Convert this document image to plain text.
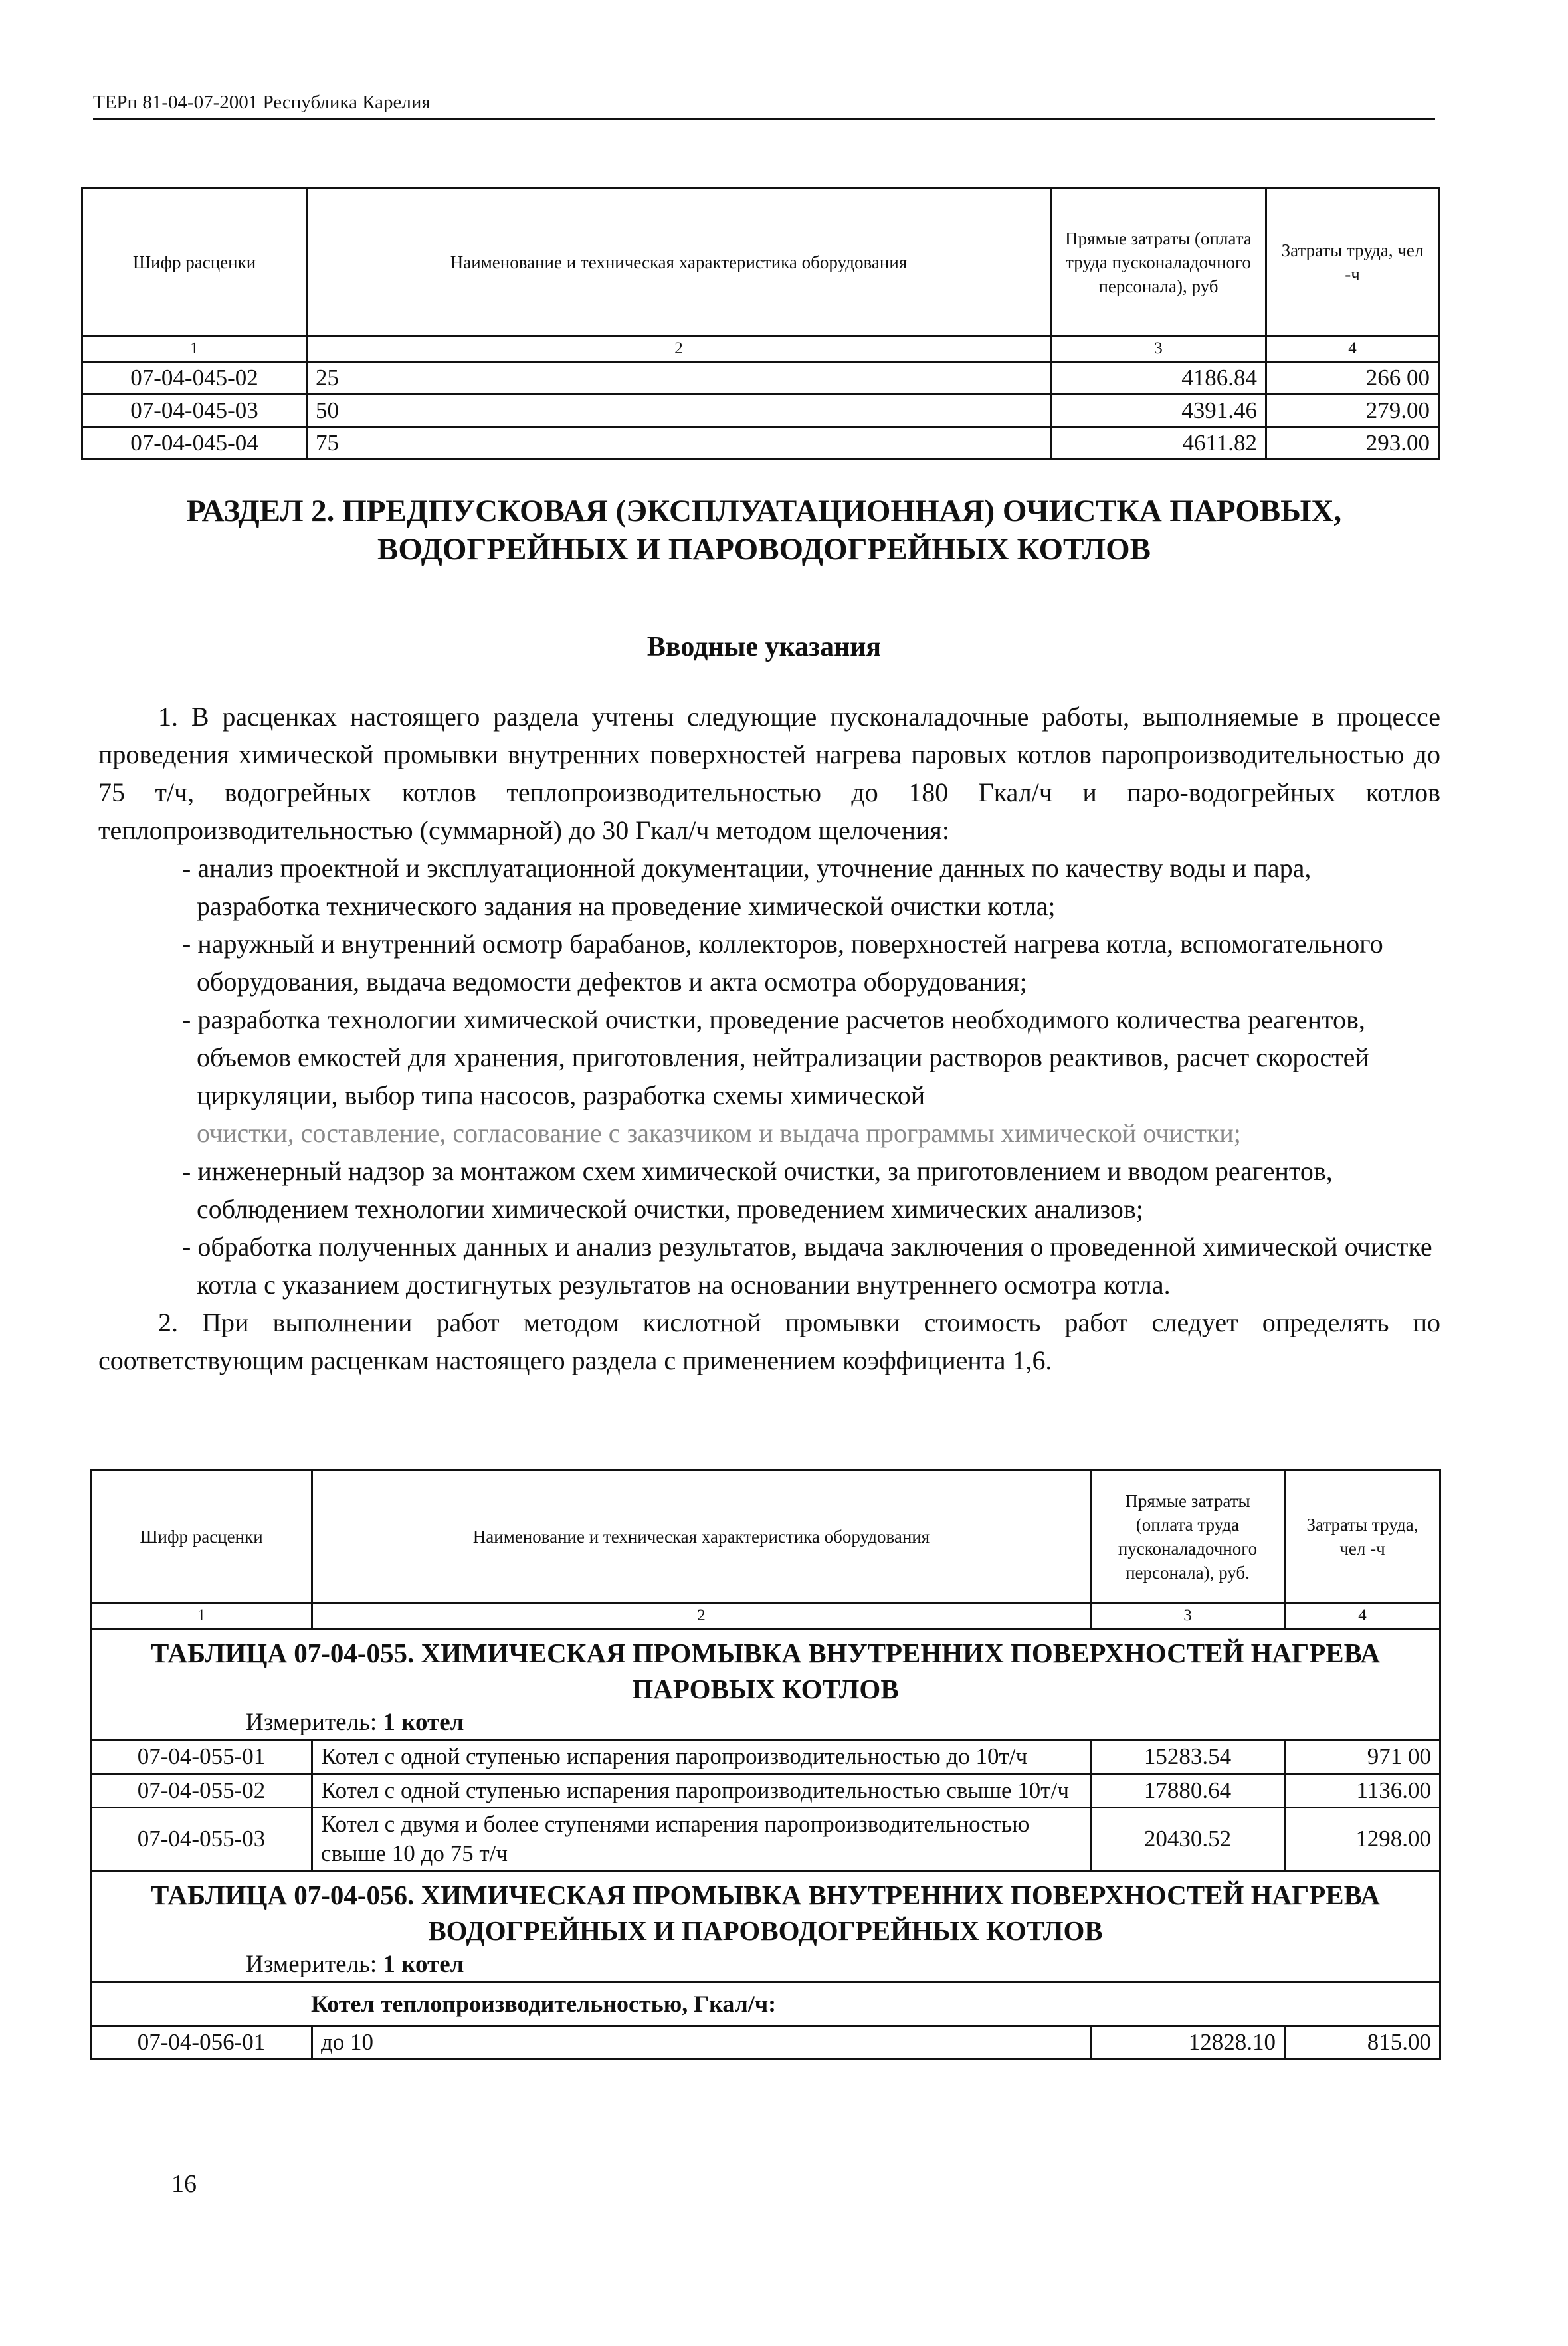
ТЕРп 81-04-07-2001 Республика Карелия
Шифр расценки	Наименование и техническая характеристика оборудования	Прямые затраты (оплата труда пусконаладочного персонала), руб	Затраты труда, чел -ч
1	2	3	4
07-04-045-02	25	4186.84	266 00
07-04-045-03	50	4391.46	279.00
07-04-045-04	75	4611.82	293.00
РАЗДЕЛ 2. ПРЕДПУСКОВАЯ (ЭКСПЛУАТАЦИОННАЯ) ОЧИСТКА ПАРОВЫХ,
ВОДОГРЕЙНЫХ И ПАРОВОДОГРЕЙНЫХ КОТЛОВ
Вводные указания

1. В расценках настоящего раздела учтены следующие пусконаладочные работы, выполняемые в процессе проведения химической промывки внутренних поверхностей нагрева паровых котлов паропроизводительностью до 75 т/ч, водогрейных котлов теплопроизводительностью до 180 Гкал/ч и паро-водогрейных котлов теплопроизводительностью (суммарной) до 30 Гкал/ч методом щелочения:

- анализ проектной и эксплуатационной документации, уточнение данных по качеству воды и пара, разработка технического задания на проведение химической очистки котла;
- наружный и внутренний осмотр барабанов, коллекторов, поверхностей нагрева котла, вспомогательного оборудования, выдача ведомости дефектов и акта осмотра оборудования;
- разработка технологии химической очистки, проведение расчетов необходимого количества реагентов, объемов емкостей для хранения, приготовления, нейтрализации растворов реактивов, расчет скоростей циркуляции, выбор типа насосов, разработка схемы химической
очистки, составление, согласование с заказчиком и выдача программы химической очистки;
- инженерный надзор за монтажом схем химической очистки, за приготовлением и вводом реагентов, соблюдением технологии химической очистки, проведением химических анализов;
- обработка полученных данных и анализ результатов, выдача заключения о проведенной химической очистке котла с указанием достигнутых результатов на основании внутреннего осмотра котла.

2. При выполнении работ методом кислотной промывки стоимость работ следует определять по соответствующим расценкам настоящего раздела с применением коэффициента 1,6.

Шифр расценки	Наименование и техническая характеристика оборудования	Прямые затраты (оплата труда пусконаладочного персонала), руб.	Затраты труда, чел -ч
1	2	3	4

ТАБЛИЦА 07-04-055. ХИМИЧЕСКАЯ ПРОМЫВКА ВНУТРЕННИХ ПОВЕРХНОСТЕЙ НАГРЕВА ПАРОВЫХ КОТЛОВ
Измеритель: 1 котел			

07-04-055-01	Котел с одной ступенью испарения паропроизводительностью до 10т/ч	15283.54	971 00
07-04-055-02	Котел с одной ступенью испарения паропроизводительностью свыше 10т/ч	17880.64	1136.00
07-04-055-03	Котел с двумя и более ступенями испарения паропроизводительностью свыше 10 до 75 т/ч	20430.52	1298.00

ТАБЛИЦА 07-04-056. ХИМИЧЕСКАЯ ПРОМЫВКА ВНУТРЕННИХ ПОВЕРХНОСТЕЙ НАГРЕВА ВОДОГРЕЙНЫХ И ПАРОВОДОГРЕЙНЫХ КОТЛОВ
Измеритель: 1 котел			

Котел теплопроизводительностью, Гкал/ч:			
07-04-056-01	до 10	12828.10	815.00
16
